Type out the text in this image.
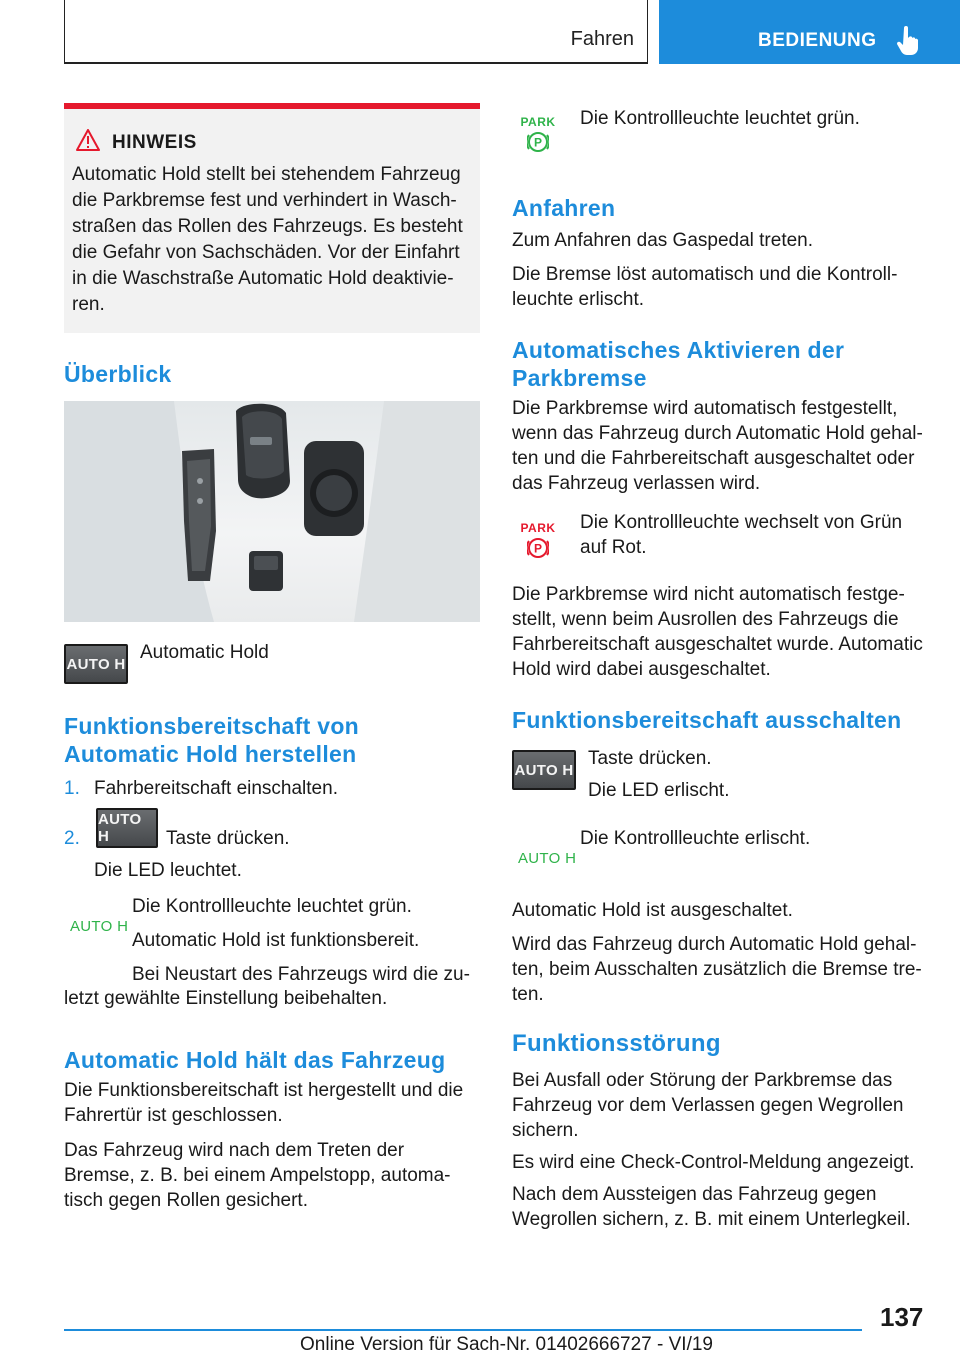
Fahren	BEDIENUNG
HINWEIS

Automatic Hold stellt bei stehendem Fahrzeug

die Parkbremse fest und verhindert in Wasch-

straßen das Rollen des Fahrzeugs. Es besteht

die Gefahr von Sachschäden. Vor der Einfahrt

in die Waschstraße Automatic Hold deaktivie-

ren.

Überblick
AUTO H
Automatic Hold
Funktionsbereitschaft von
Automatic Hold herstellen
1. Fahrbereitschaft einschalten.
2.
AUTO H	Taste drücken.
Die LED leuchtet.
AUTO H
Die Kontrollleuchte leuchtet grün.
Automatic Hold ist funktionsbereit.
Bei Neustart des Fahrzeugs wird die zu-
letzt gewählte Einstellung beibehalten.
Automatic Hold hält das Fahrzeug

Die Funktionsbereitschaft ist hergestellt und die

Fahrertür ist geschlossen.

Das Fahrzeug wird nach dem Treten der

Bremse, z. B. bei einem Ampelstopp, automa-

tisch gegen Rollen gesichert.

PARK
P
Die Kontrollleuchte leuchtet grün.
Anfahren
Zum Anfahren das Gaspedal treten.

Die Bremse löst automatisch und die Kontroll-

leuchte erlischt.

Automatisches Aktivieren der
Parkbremse

Die Parkbremse wird automatisch festgestellt,

wenn das Fahrzeug durch Automatic Hold gehal-

ten und die Fahrbereitschaft ausgeschaltet oder

das Fahrzeug verlassen wird.

PARK
P

Die Kontrollleuchte wechselt von Grün

auf Rot.

Die Parkbremse wird nicht automatisch festge-

stellt, wenn beim Ausrollen des Fahrzeugs die

Fahrbereitschaft ausgeschaltet wurde. Automatic

Hold wird dabei ausgeschaltet.

Funktionsbereitschaft ausschalten
AUTO H
Taste drücken.
Die LED erlischt.
AUTO H
Die Kontrollleuchte erlischt.
Automatic Hold ist ausgeschaltet.

Wird das Fahrzeug durch Automatic Hold gehal-

ten, beim Ausschalten zusätzlich die Bremse tre-

ten.

Funktionsstörung

Bei Ausfall oder Störung der Parkbremse das

Fahrzeug vor dem Verlassen gegen Wegrollen

sichern.

Es wird eine Check-Control-Meldung angezeigt.

Nach dem Aussteigen das Fahrzeug gegen

Wegrollen sichern, z. B. mit einem Unterlegkeil.

137
Online Version für Sach-Nr. 01402666727 - VI/19
